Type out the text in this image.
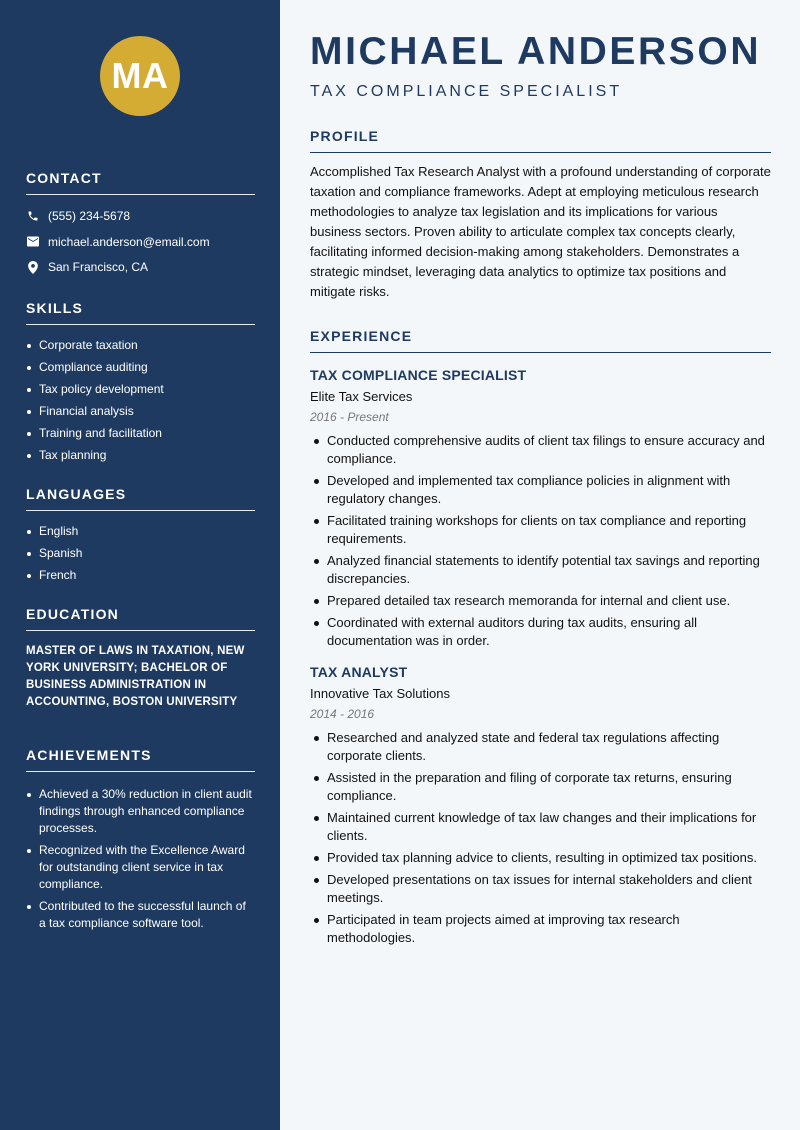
MA
CONTACT
(555) 234-5678
michael.anderson@email.com
San Francisco, CA
SKILLS
Corporate taxation
Compliance auditing
Tax policy development
Financial analysis
Training and facilitation
Tax planning
LANGUAGES
English
Spanish
French
EDUCATION
MASTER OF LAWS IN TAXATION, NEW YORK UNIVERSITY; BACHELOR OF BUSINESS ADMINISTRATION IN ACCOUNTING, BOSTON UNIVERSITY
ACHIEVEMENTS
Achieved a 30% reduction in client audit findings through enhanced compliance processes.
Recognized with the Excellence Award for outstanding client service in tax compliance.
Contributed to the successful launch of a tax compliance software tool.
MICHAEL ANDERSON
TAX COMPLIANCE SPECIALIST
PROFILE

Accomplished Tax Research Analyst with a profound understanding of corporate taxation and compliance frameworks. Adept at employing meticulous research methodologies to analyze tax legislation and its implications for various business sectors. Proven ability to articulate complex tax concepts clearly, facilitating informed decision-making among stakeholders. Demonstrates a strategic mindset, leveraging data analytics to optimize tax positions and mitigate risks.

EXPERIENCE
TAX COMPLIANCE SPECIALIST
Elite Tax Services
2016 - Present
Conducted comprehensive audits of client tax filings to ensure accuracy and compliance.
Developed and implemented tax compliance policies in alignment with regulatory changes.
Facilitated training workshops for clients on tax compliance and reporting requirements.
Analyzed financial statements to identify potential tax savings and reporting discrepancies.
Prepared detailed tax research memoranda for internal and client use.
Coordinated with external auditors during tax audits, ensuring all documentation was in order.
TAX ANALYST
Innovative Tax Solutions
2014 - 2016
Researched and analyzed state and federal tax regulations affecting corporate clients.
Assisted in the preparation and filing of corporate tax returns, ensuring compliance.
Maintained current knowledge of tax law changes and their implications for clients.
Provided tax planning advice to clients, resulting in optimized tax positions.
Developed presentations on tax issues for internal stakeholders and client meetings.
Participated in team projects aimed at improving tax research methodologies.
